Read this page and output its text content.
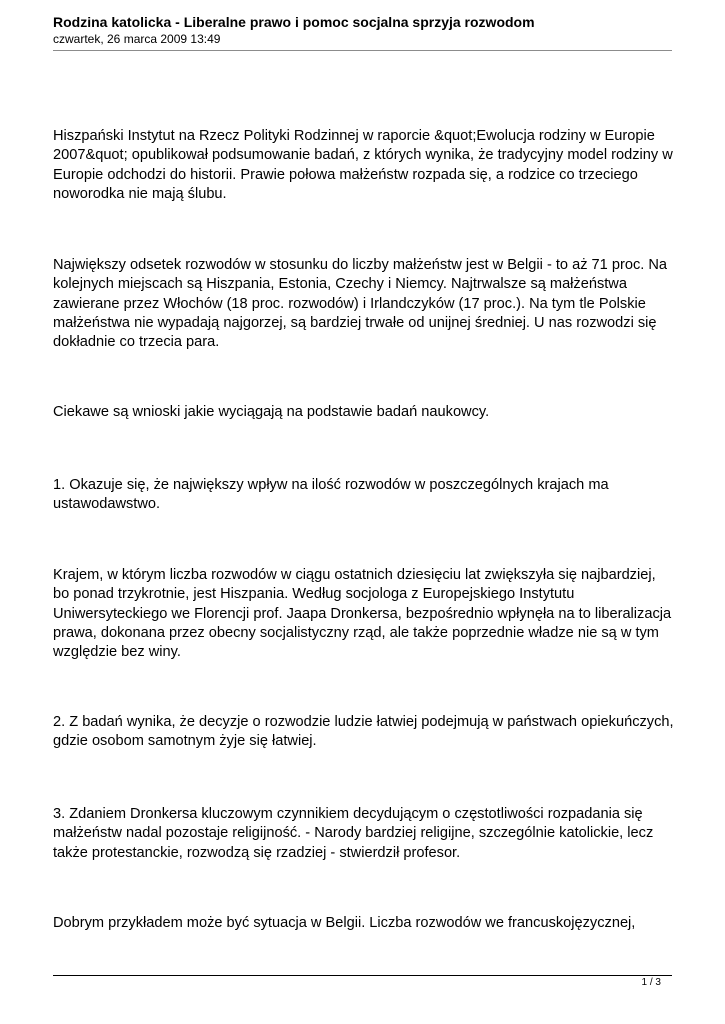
Rodzina katolicka - Liberalne prawo i pomoc socjalna sprzyja rozwodom

czwartek, 26 marca 2009 13:49

Hiszpański Instytut na Rzecz Polityki Rodzinnej w raporcie &quot;Ewolucja rodziny w Europie 2007&quot; opublikował podsumowanie badań, z których wynika, że tradycyjny model rodziny w Europie odchodzi do historii. Prawie połowa małżeństw rozpada się, a rodzice co trzeciego noworodka nie mają ślubu.

Największy odsetek rozwodów w stosunku do liczby małżeństw jest w Belgii - to aż 71 proc. Na kolejnych miejscach są Hiszpania, Estonia, Czechy i Niemcy. Najtrwalsze są małżeństwa zawierane przez Włochów (18 proc. rozwodów) i Irlandczyków (17 proc.). Na tym tle Polskie małżeństwa nie wypadają najgorzej, są bardziej trwałe od unijnej średniej. U nas rozwodzi się dokładnie co trzecia para.

Ciekawe są wnioski jakie wyciągają na podstawie badań naukowcy.

1. Okazuje się, że największy wpływ na ilość rozwodów w poszczególnych krajach ma ustawodawstwo.

Krajem, w którym liczba rozwodów w ciągu ostatnich dziesięciu lat zwiększyła się najbardziej, bo ponad trzykrotnie, jest Hiszpania. Według socjologa z Europejskiego Instytutu Uniwersyteckiego we Florencji prof. Jaapa Dronkersa, bezpośrednio wpłynęła na to liberalizacja prawa, dokonana przez obecny socjalistyczny rząd, ale także poprzednie władze nie są w tym względzie bez winy.

2. Z badań wynika, że decyzje o rozwodzie ludzie łatwiej podejmują w państwach opiekuńczych, gdzie osobom samotnym żyje się łatwiej.

3. Zdaniem Dronkersa kluczowym czynnikiem decydującym o częstotliwości rozpadania się małżeństw nadal pozostaje religijność. - Narody bardziej religijne, szczególnie katolickie, lecz także protestanckie, rozwodzą się rzadziej - stwierdził profesor.

Dobrym przykładem może być sytuacja w Belgii. Liczba rozwodów we francuskojęzycznej,

1 / 3
